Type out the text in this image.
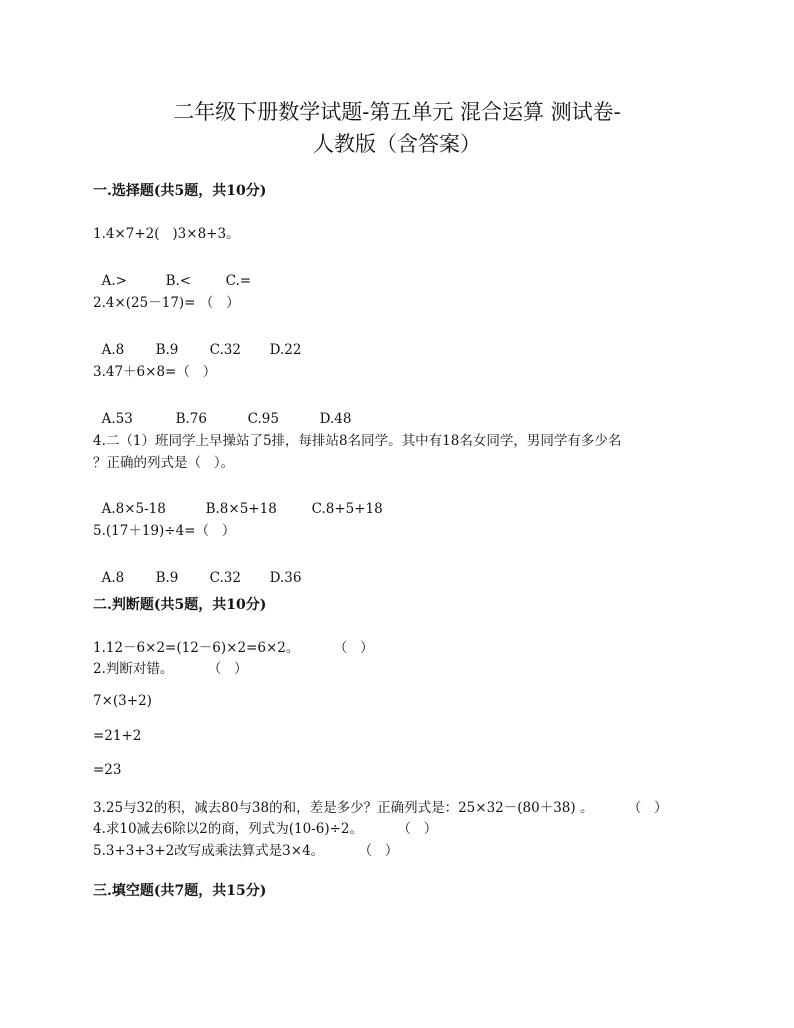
二年级下册数学试题-第五单元 混合运算 测试卷-
人教版（含答案）
一.选择题(共5题，共10分)
1.4×7+2(   )3×8+3。

A.>	B.<	C.=

2.4×(25－17)= （   ）

A.8 B.9 C.32 D.22

3.47＋6×8=（   ）

A.53	B.76	C.95	D.48

4.二（1）班同学上早操站了5排，每排站8名同学。其中有18名女同学，男同学有多少名
？正确的列式是（   ）。

A.8×5-18	B.8×5+18	C.8+5+18

5.(17＋19)÷4=（   ）

A.8 B.9 C.32 D.36

二.判断题(共5题，共10分)
1.12－6×2=(12－6)×2=6×2。        （   ）
2.判断对错。        （   ）
7×(3+2)
=21+2
=23
3.25与32的积，减去80与38的和，差是多少？正确列式是：25×32－(80＋38) 。        （   ）
4.求10减去6除以2的商，列式为(10-6)÷2。        （   ）
5.3+3+3+2改写成乘法算式是3×4。        （   ）
三.填空题(共7题，共15分)
